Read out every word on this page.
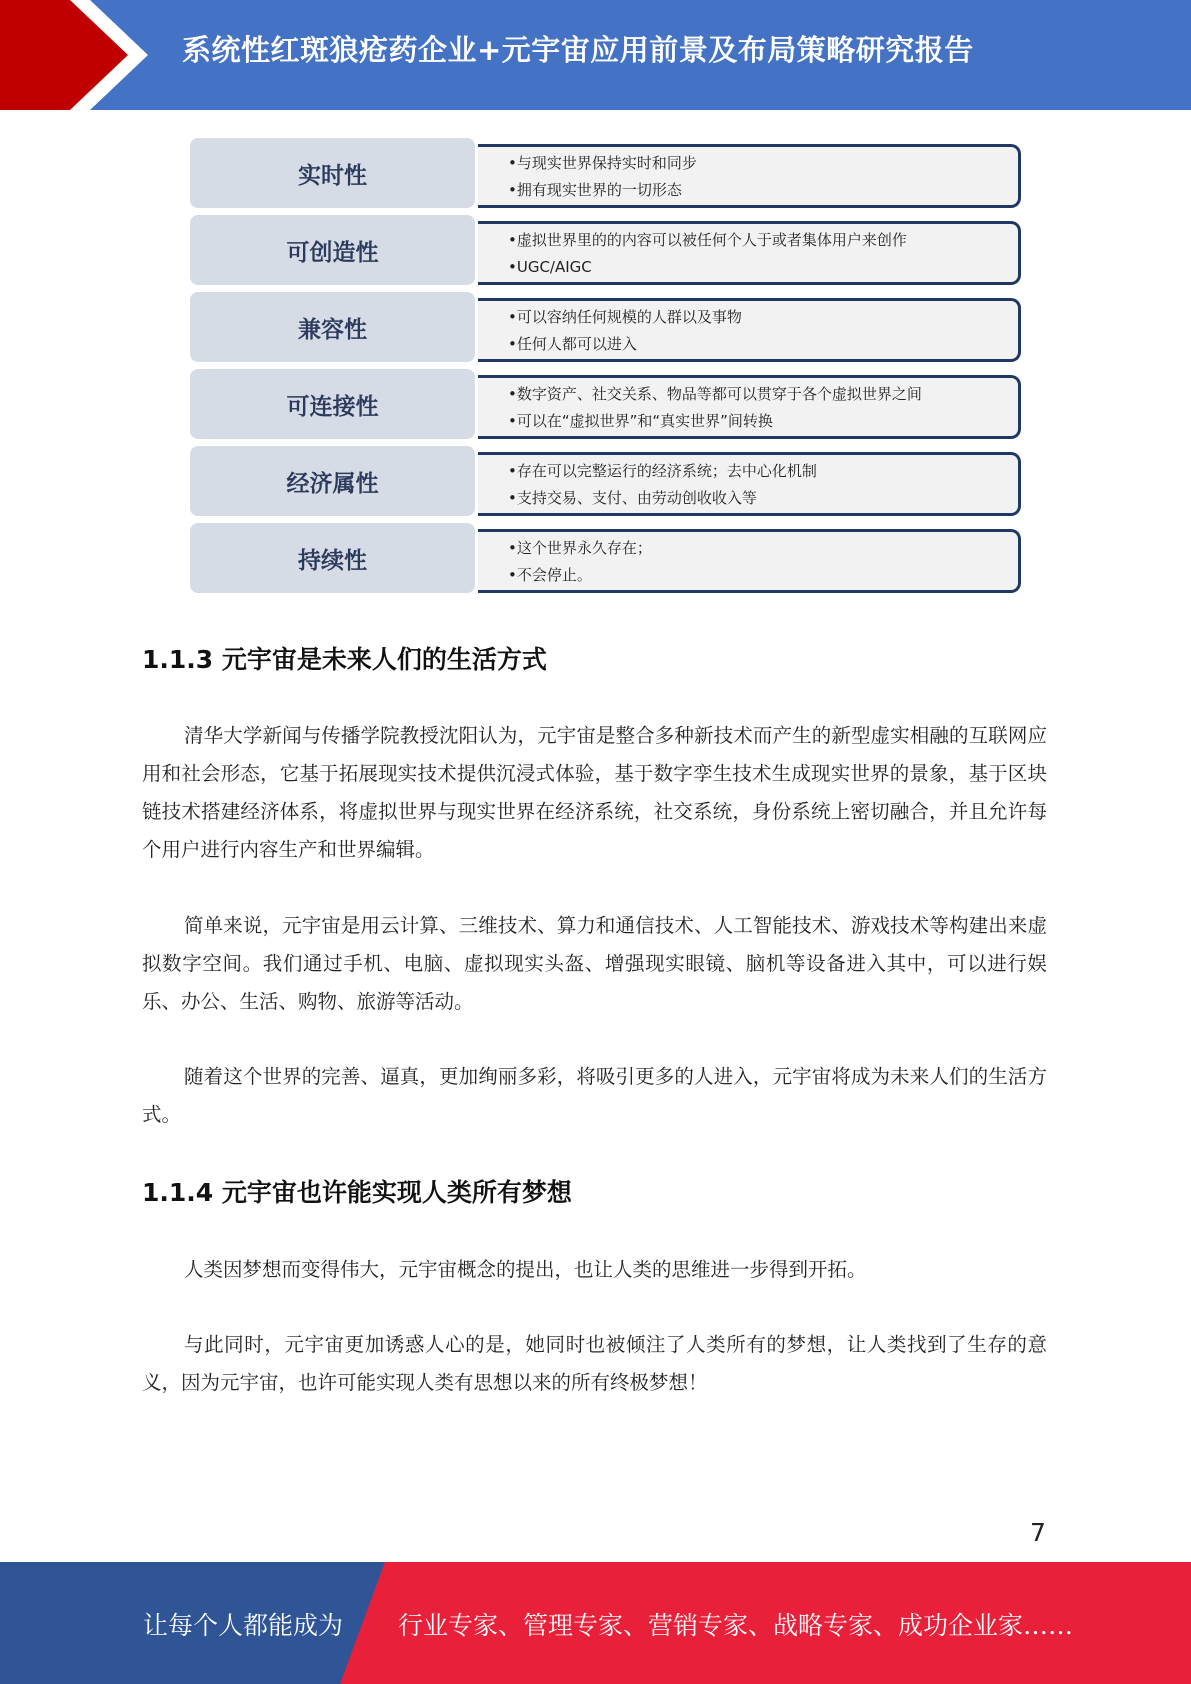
系统性红斑狼疮药企业+元宇宙应用前景及布局策略研究报告
实时性	•与现实世界保持实时和同步
•拥有现实世界的一切形态
可创造性	•虚拟世界里的的内容可以被任何个人于或者集体用户来创作
•UGC/AIGC
兼容性	•可以容纳任何规模的人群以及事物
•任何人都可以进入
可连接性	•数字资产、社交关系、物品等都可以贯穿于各个虚拟世界之间
•可以在“虚拟世界”和“真实世界”间转换
经济属性	•存在可以完整运行的经济系统；去中心化机制
•支持交易、支付、由劳动创收收入等
持续性	•这个世界永久存在；
•不会停止。
1.1.3 元宇宙是未来人们的生活方式
清华大学新闻与传播学院教授沈阳认为，元宇宙是整合多种新技术而产生的新型虚实相融的互联网应用和社会形态，它基于拓展现实技术提供沉浸式体验，基于数字孪生技术生成现实世界的景象，基于区块链技术搭建经济体系，将虚拟世界与现实世界在经济系统，社交系统，身份系统上密切融合，并且允许每个用户进行内容生产和世界编辑。
简单来说，元宇宙是用云计算、三维技术、算力和通信技术、人工智能技术、游戏技术等构建出来虚拟数字空间。我们通过手机、电脑、虚拟现实头盔、增强现实眼镜、脑机等设备进入其中，可以进行娱乐、办公、生活、购物、旅游等活动。
随着这个世界的完善、逼真，更加绚丽多彩，将吸引更多的人进入，元宇宙将成为未来人们的生活方式。
1.1.4 元宇宙也许能实现人类所有梦想
人类因梦想而变得伟大，元宇宙概念的提出，也让人类的思维进一步得到开拓。
与此同时，元宇宙更加诱惑人心的是，她同时也被倾注了人类所有的梦想，让人类找到了生存的意义，因为元宇宙，也许可能实现人类有思想以来的所有终极梦想！
7
让每个人都能成为 行业专家、管理专家、营销专家、战略专家、成功企业家……
